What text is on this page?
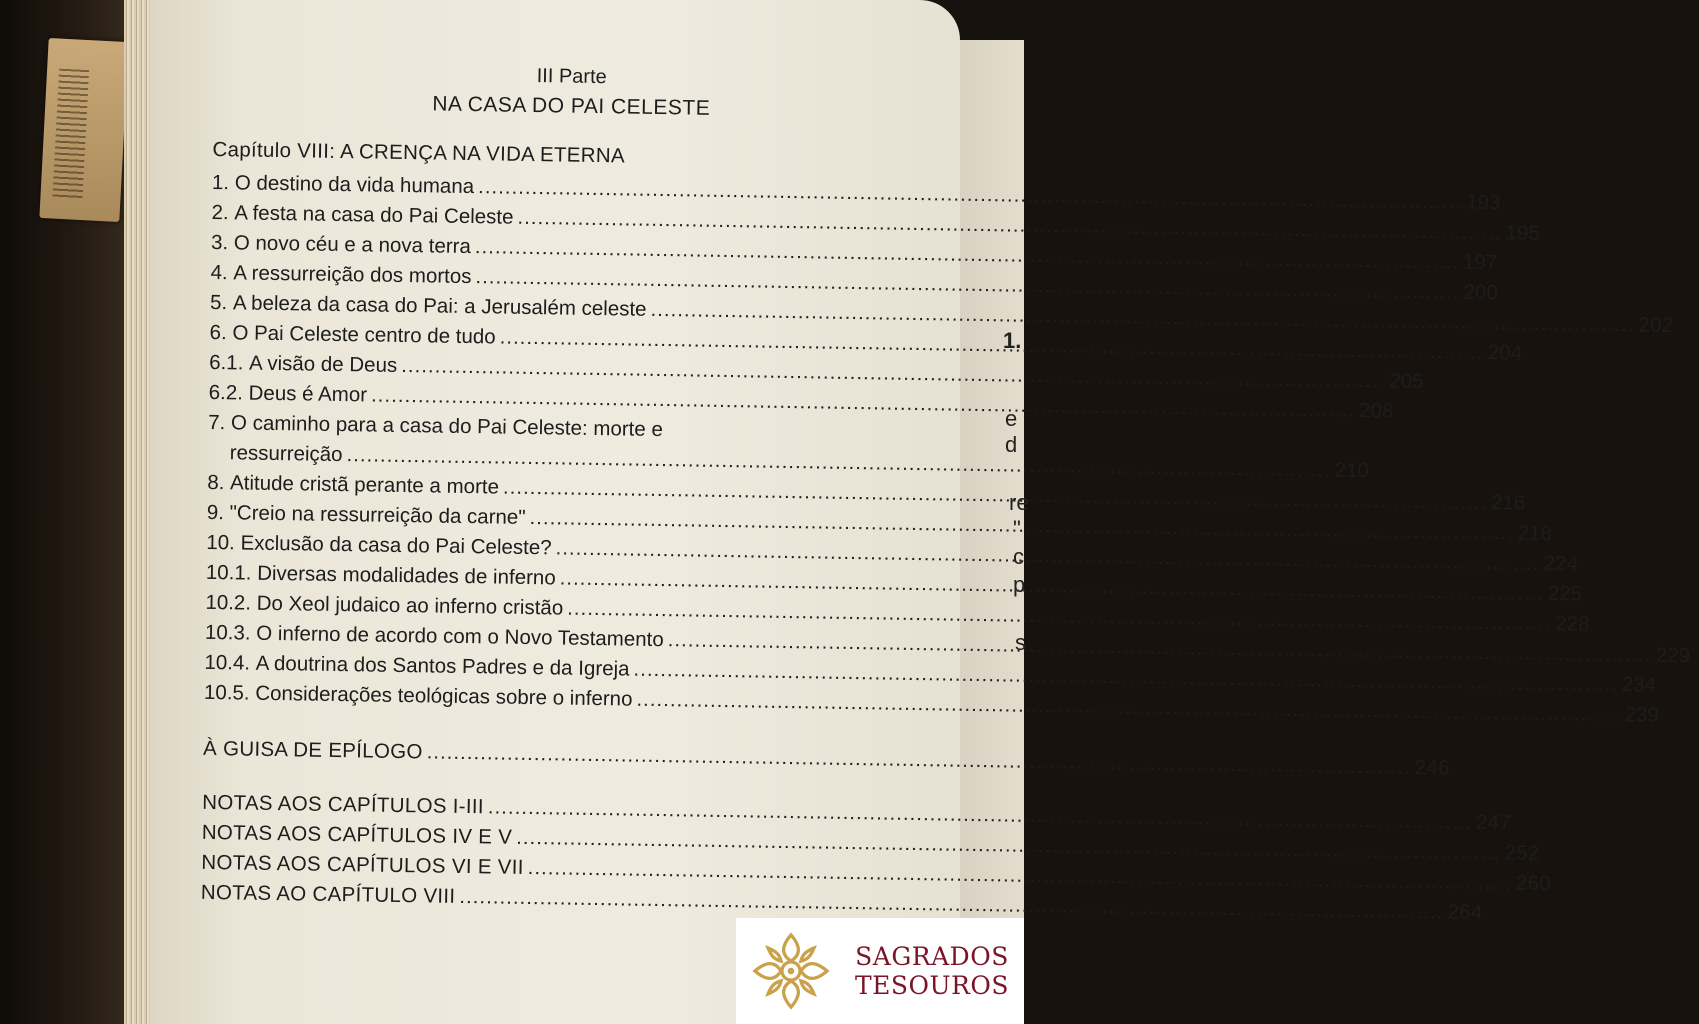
1.
e
d
re
"
c
p
s
III Parte
NA CASA DO PAI CELESTE
Capítulo VIII: A CRENÇA NA VIDA ETERNA
1. O destino da vida humana
.....
193
2. A festa na casa do Pai Celeste
.....
195
3. O novo céu e a nova terra
.....
197
4. A ressurreição dos mortos
.....
200
5. A beleza da casa do Pai: a Jerusalém celeste
.....
202
6. O Pai Celeste centro de tudo
.....
204
6.1. A visão de Deus
.....
205
6.2. Deus é Amor
.....
208
7. O caminho para a casa do Pai Celeste: morte e
ressurreição
.....
210
8. Atitude cristã perante a morte
.....
216
9. "Creio na ressurreição da carne"
.....
218
10. Exclusão da casa do Pai Celeste?
.....
224
10.1. Diversas modalidades de inferno
.....
225
10.2. Do Xeol judaico ao inferno cristão
.....
228
10.3. O inferno de acordo com o Novo Testamento
.....
229
10.4. A doutrina dos Santos Padres e da Igreja
.....
234
10.5. Considerações teológicas sobre o inferno
.....
239
À GUISA DE EPÍLOGO
.....
246
NOTAS AOS CAPÍTULOS I-III
.....
247
NOTAS AOS CAPÍTULOS IV E V
.....
252
NOTAS AOS CAPÍTULOS VI E VII
.....
260
NOTAS AO CAPÍTULO VIII
.....
264
SAGRADOS
TESOUROS
